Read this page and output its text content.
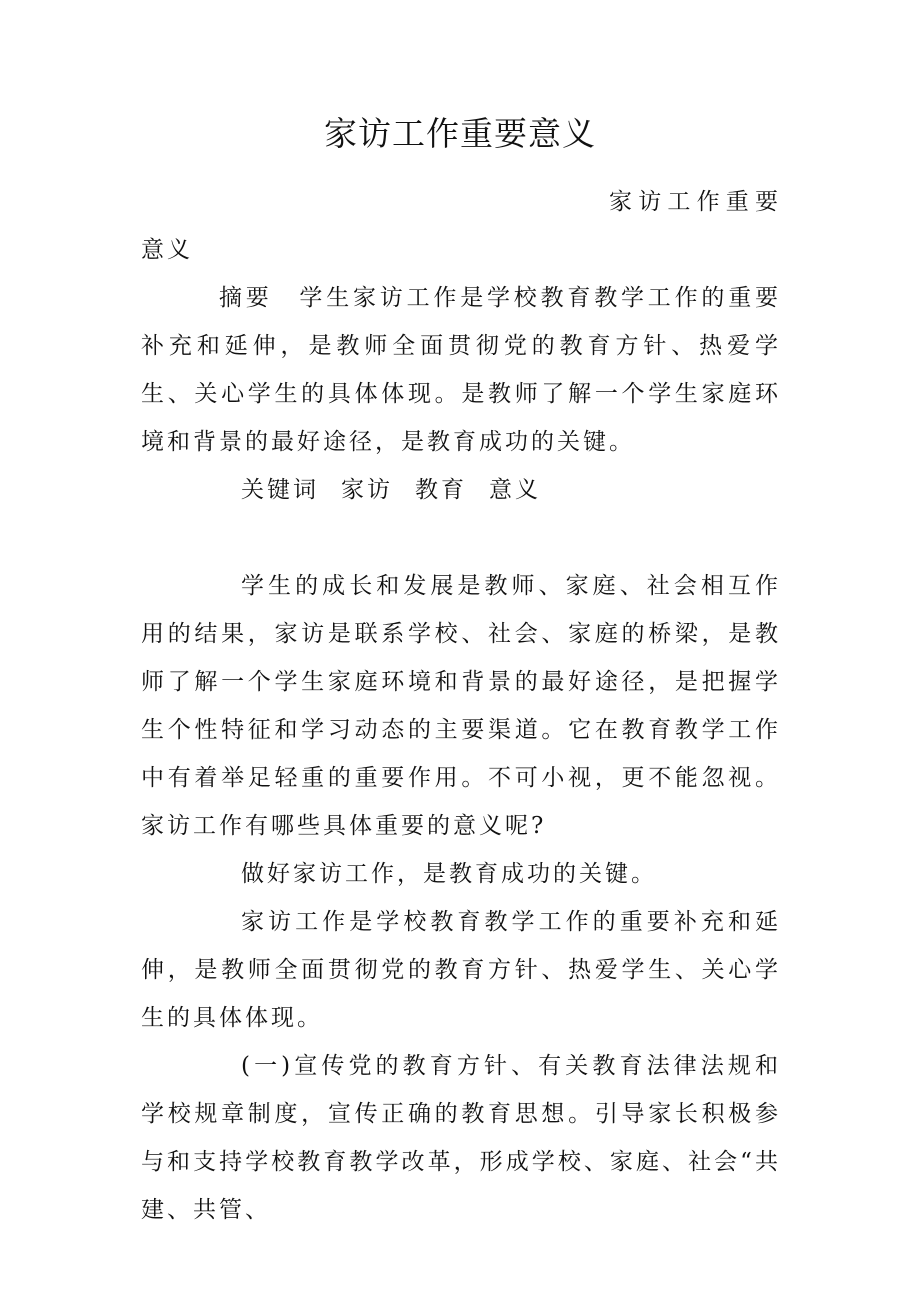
家访工作重要意义

家访工作重要意义

摘要 学生家访工作是学校教育教学工作的重要补充和延伸，是教师全面贯彻党的教育方针、热爱学生、关心学生的具体体现。是教师了解一个学生家庭环境和背景的最好途径，是教育成功的关键。

关键词 家访 教育 意义

学生的成长和发展是教师、家庭、社会相互作用的结果，家访是联系学校、社会、家庭的桥梁，是教师了解一个学生家庭环境和背景的最好途径，是把握学生个性特征和学习动态的主要渠道。它在教育教学工作中有着举足轻重的重要作用。不可小视，更不能忽视。家访工作有哪些具体重要的意义呢?

做好家访工作，是教育成功的关键。

家访工作是学校教育教学工作的重要补充和延伸，是教师全面贯彻党的教育方针、热爱学生、关心学生的具体体现。

(一)宣传党的教育方针、有关教育法律法规和学校规章制度，宣传正确的教育思想。引导家长积极参与和支持学校教育教学改革，形成学校、家庭、社会“共建、共管、
